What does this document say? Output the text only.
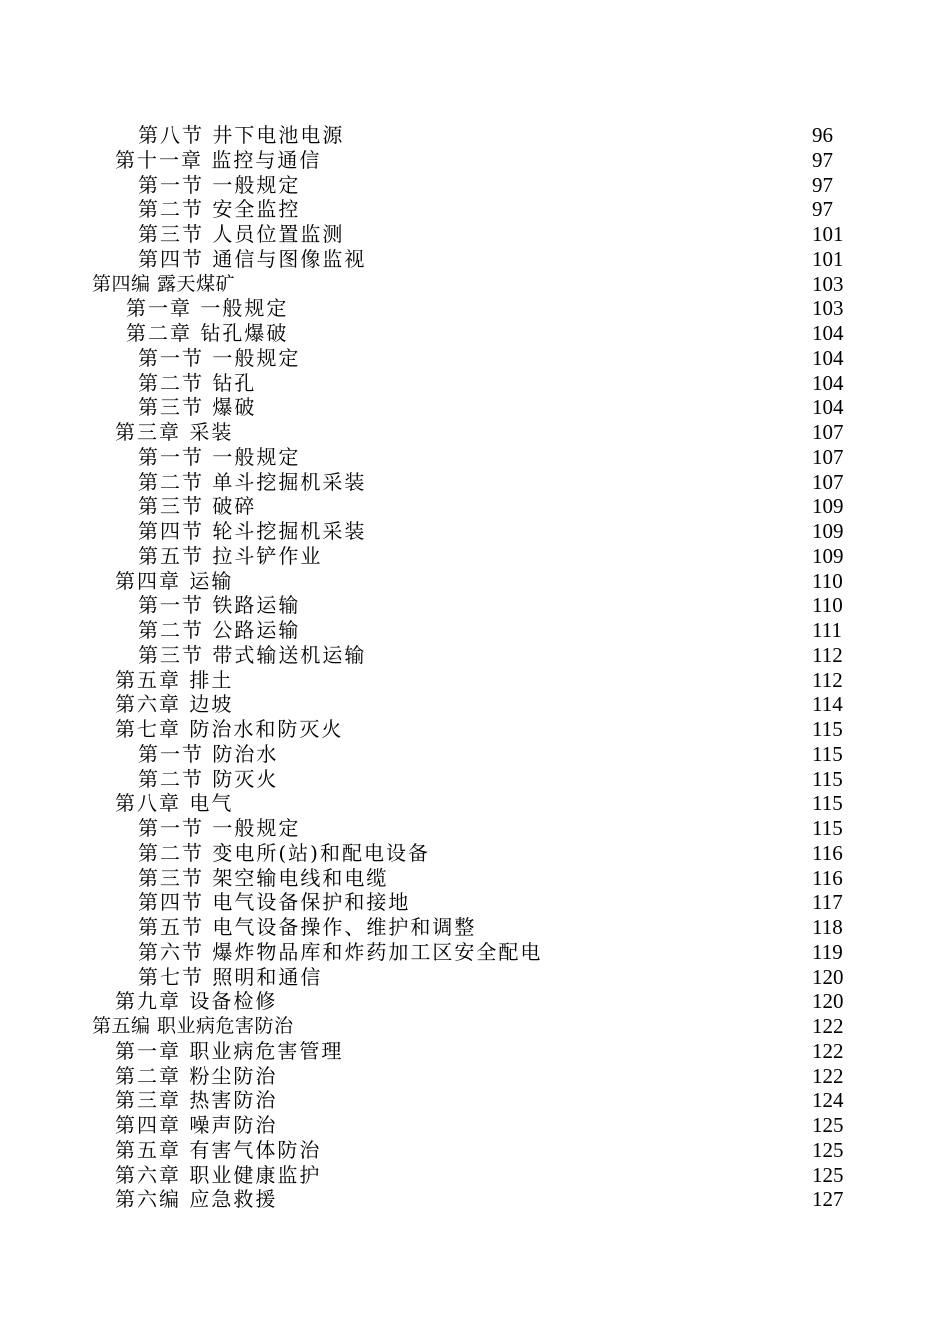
第八节 井下电池电源	96
第十一章 监控与通信	97
第一节 一般规定	97
第二节 安全监控	97
第三节 人员位置监测	101
第四节 通信与图像监视	101
第四编 露天煤矿	103
第一章 一般规定	103
第二章 钻孔爆破	104
第一节 一般规定	104
第二节 钻孔	104
第三节 爆破	104
第三章 采装	107
第一节 一般规定	107
第二节 单斗挖掘机采装	107
第三节 破碎	109
第四节 轮斗挖掘机采装	109
第五节 拉斗铲作业	109
第四章 运输	110
第一节 铁路运输	110
第二节 公路运输	111
第三节 带式输送机运输	112
第五章 排土	112
第六章 边坡	114
第七章 防治水和防灭火	115
第一节 防治水	115
第二节 防灭火	115
第八章 电气	115
第一节 一般规定	115
第二节 变电所(站)和配电设备	116
第三节 架空输电线和电缆	116
第四节 电气设备保护和接地	117
第五节 电气设备操作、维护和调整	118
第六节 爆炸物品库和炸药加工区安全配电	119
第七节 照明和通信	120
第九章 设备检修	120
第五编 职业病危害防治	122
第一章 职业病危害管理	122
第二章 粉尘防治	122
第三章 热害防治	124
第四章 噪声防治	125
第五章 有害气体防治	125
第六章 职业健康监护	125
第六编 应急救援	127
